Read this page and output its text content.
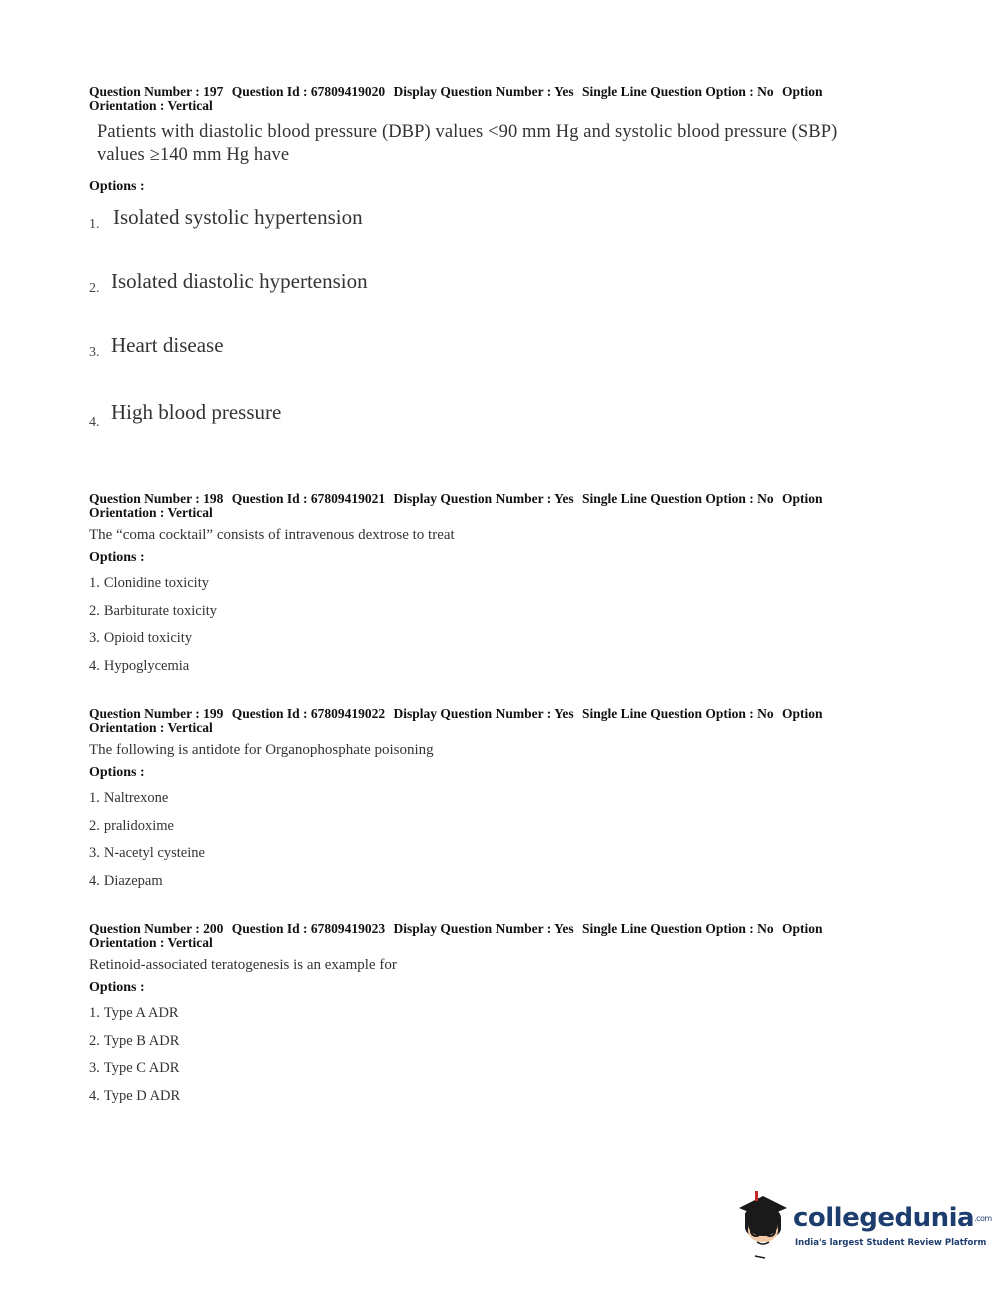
Question Number : 197 Question Id : 67809419020 Display Question Number : Yes Single Line Question Option : No Option
Orientation : Vertical
Patients with diastolic blood pressure (DBP) values <90 mm Hg and systolic blood pressure (SBP)
values ≥140 mm Hg have
Options :
1. Isolated systolic hypertension
2. Isolated diastolic hypertension
3. Heart disease
4. High blood pressure
Question Number : 198 Question Id : 67809419021 Display Question Number : Yes Single Line Question Option : No Option
Orientation : Vertical
The “coma cocktail” consists of intravenous dextrose to treat
Options :
1. Clonidine toxicity
2. Barbiturate toxicity
3. Opioid toxicity
4. Hypoglycemia
Question Number : 199 Question Id : 67809419022 Display Question Number : Yes Single Line Question Option : No Option
Orientation : Vertical
The following is antidote for Organophosphate poisoning
Options :
1. Naltrexone
2. pralidoxime
3. N-acetyl cysteine
4. Diazepam
Question Number : 200 Question Id : 67809419023 Display Question Number : Yes Single Line Question Option : No Option
Orientation : Vertical
Retinoid-associated teratogenesis is an example for
Options :
1. Type A ADR
2. Type B ADR
3. Type C ADR
4. Type D ADR
collegedunia.com
India's largest Student Review Platform
